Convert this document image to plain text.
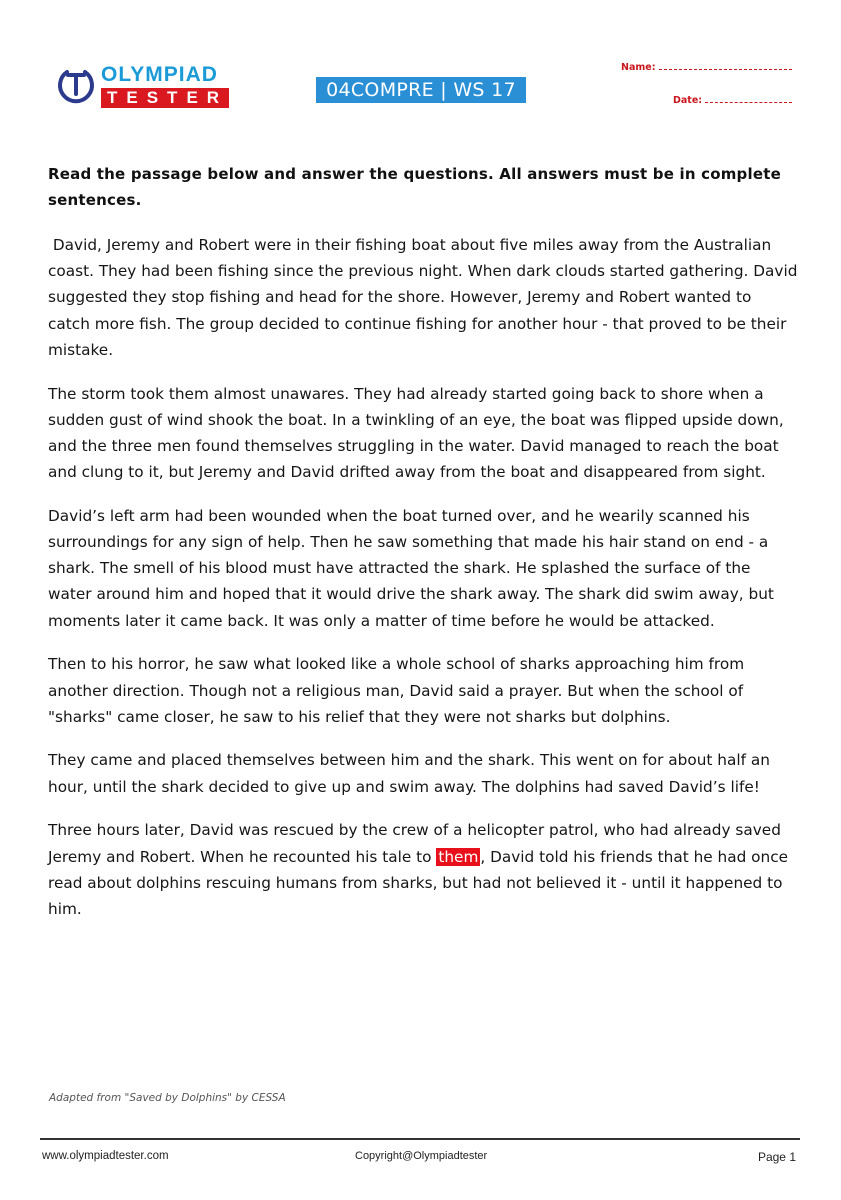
OLYMPIAD
TESTER	04COMPRE | WS 17
Name:
Date:
Read the passage below and answer the questions. All answers must be in complete sentences.

David, Jeremy and Robert were in their fishing boat about five miles away from the Australian coast. They had been fishing since the previous night. When dark clouds started gathering. David suggested they stop fishing and head for the shore. However, Jeremy and Robert wanted to catch more fish. The group decided to continue fishing for another hour - that proved to be their mistake.

The storm took them almost unawares. They had already started going back to shore when a sudden gust of wind shook the boat. In a twinkling of an eye, the boat was flipped upside down, and the three men found themselves struggling in the water. David managed to reach the boat and clung to it, but Jeremy and David drifted away from the boat and disappeared from sight.

David’s left arm had been wounded when the boat turned over, and he wearily scanned his surroundings for any sign of help. Then he saw something that made his hair stand on end - a shark. The smell of his blood must have attracted the shark. He splashed the surface of the water around him and hoped that it would drive the shark away. The shark did swim away, but moments later it came back. It was only a matter of time before he would be attacked.

Then to his horror, he saw what looked like a whole school of sharks approaching him from another direction. Though not a religious man, David said a prayer. But when the school of "sharks" came closer, he saw to his relief that they were not sharks but dolphins.

They came and placed themselves between him and the shark. This went on for about half an hour, until the shark decided to give up and swim away. The dolphins had saved David’s life!

Three hours later, David was rescued by the crew of a helicopter patrol, who had already saved Jeremy and Robert. When he recounted his tale to them , David told his friends that he had once read about dolphins rescuing humans from sharks, but had not believed it - until it happened to him.

Adapted from "Saved by Dolphins" by CESSA
www.olympiadtester.com	Copyright@Olympiadtester	Page 1
